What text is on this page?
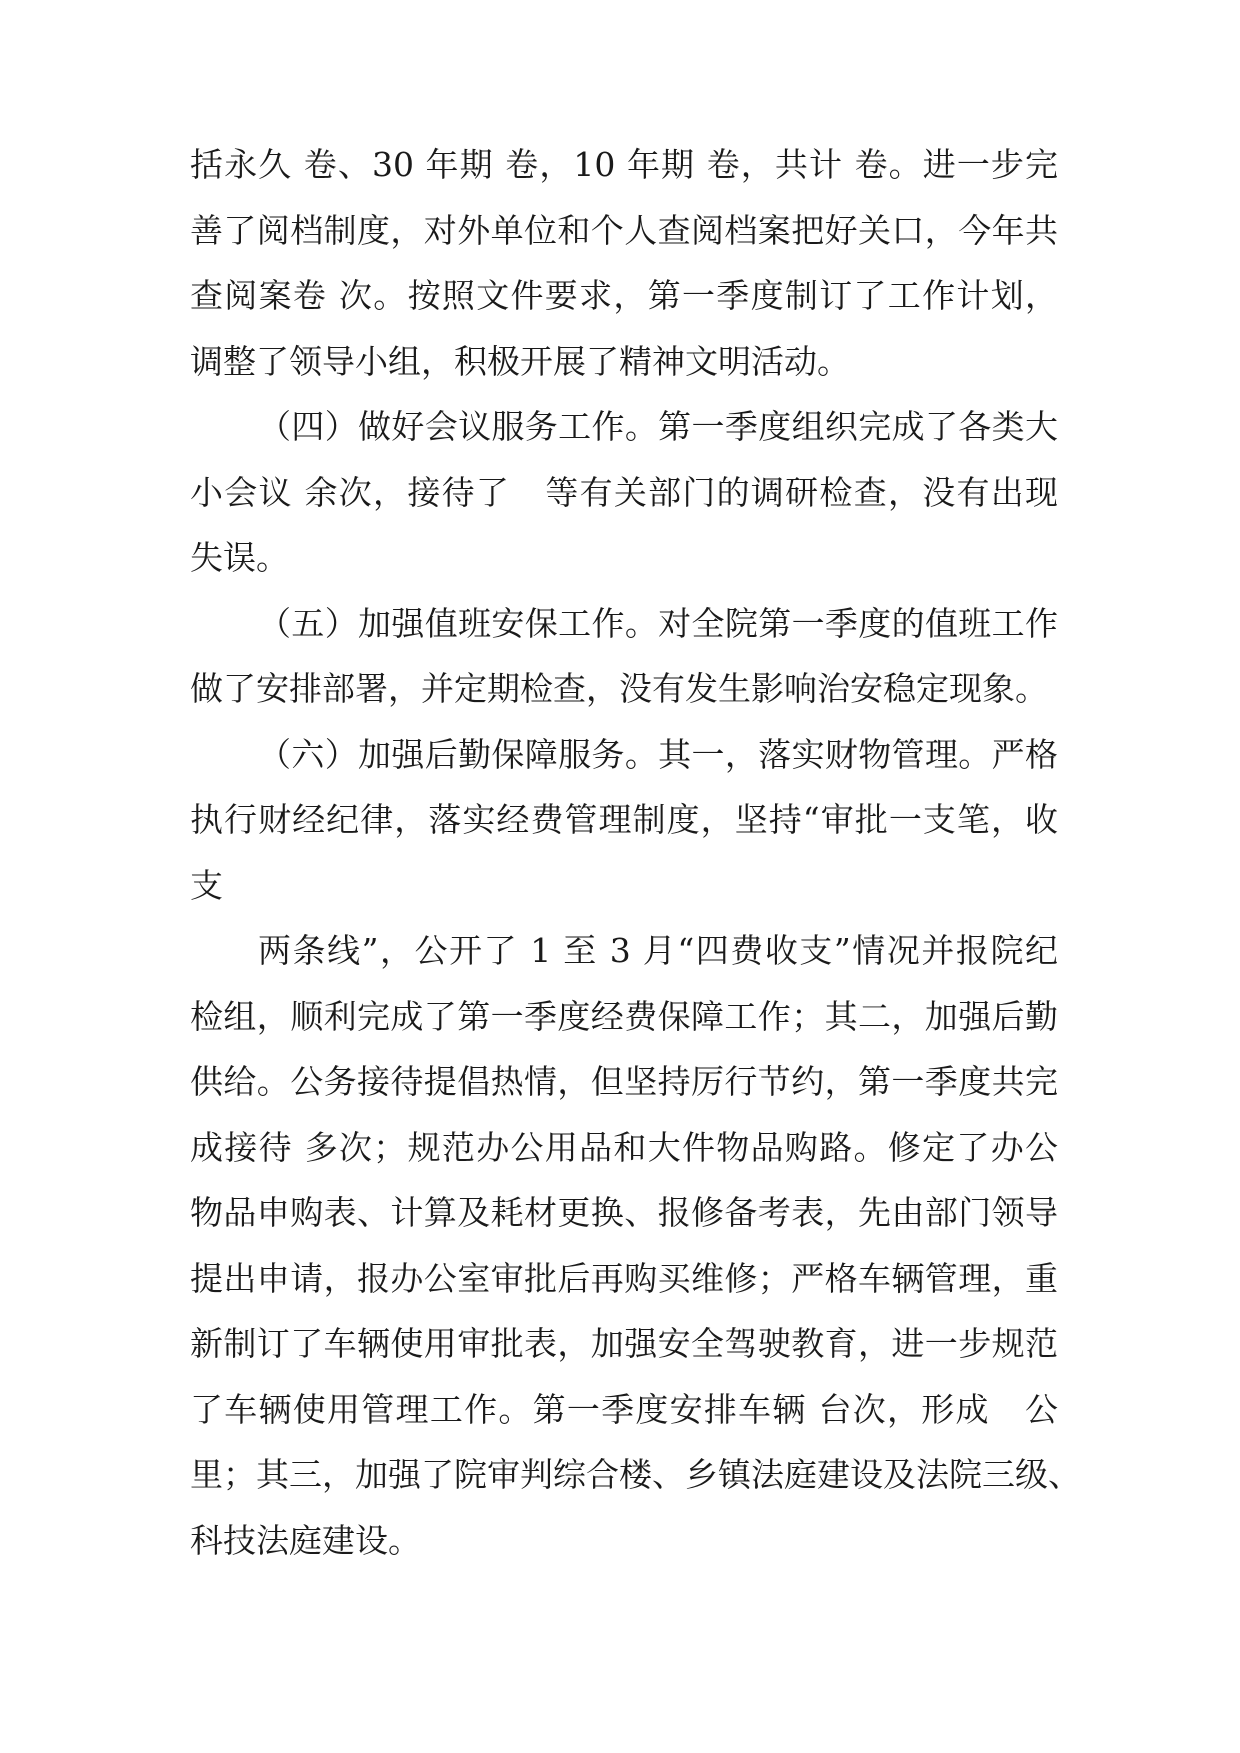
括永久 卷、30 年期 卷，10 年期 卷，共计 卷。进一步完
善了阅档制度，对外单位和个人查阅档案把好关口，今年共
查阅案卷 次。按照文件要求，第一季度制订了工作计划，
调整了领导小组，积极开展了精神文明活动。
（四）做好会议服务工作。第一季度组织完成了各类大
小会议 余次，接待了   等有关部门的调研检查，没有出现
失误。
（五）加强值班安保工作。对全院第一季度的值班工作
做了安排部署，并定期检查，没有发生影响治安稳定现象。
（六）加强后勤保障服务。其一，落实财物管理。严格
执行财经纪律，落实经费管理制度，坚持“审批一支笔，收
支
两条线”，公开了 1 至 3 月“四费收支”情况并报院纪
检组，顺利完成了第一季度经费保障工作；其二，加强后勤
供给。公务接待提倡热情，但坚持厉行节约，第一季度共完
成接待 多次；规范办公用品和大件物品购路。修定了办公
物品申购表、计算及耗材更换、报修备考表，先由部门领导
提出申请，报办公室审批后再购买维修；严格车辆管理，重
新制订了车辆使用审批表，加强安全驾驶教育，进一步规范
了车辆使用管理工作。第一季度安排车辆 台次，形成   公
里；其三，加强了院审判综合楼、乡镇法庭建设及法院三级、
科技法庭建设。
